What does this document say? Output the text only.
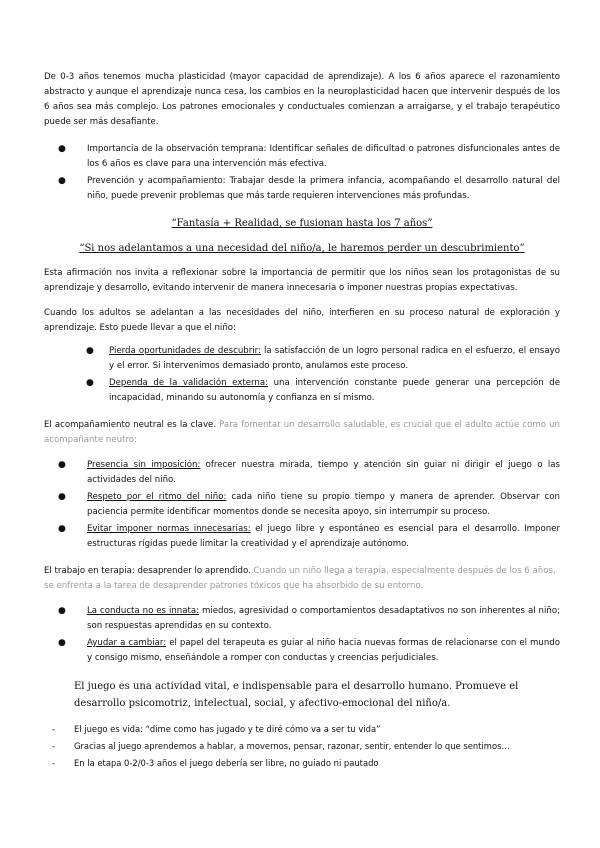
De 0-3 años tenemos mucha plasticidad (mayor capacidad de aprendizaje). A los 6 años aparece el razonamiento abstracto y aunque el aprendizaje nunca cesa, los cambios en la neuroplasticidad hacen que intervenir después de los 6 años sea más complejo. Los patrones emocionales y conductuales comienzan a arraigarse, y el trabajo terapéutico puede ser más desafiante.

● Importancia de la observación temprana: Identificar señales de dificultad o patrones disfuncionales antes de los 6 años es clave para una intervención más efectiva.
● Prevención y acompañamiento: Trabajar desde la primera infancia, acompañando el desarrollo natural del niño, puede prevenir problemas que más tarde requieren intervenciones más profundas.

“Fantasía + Realidad, se fusionan hasta los 7 años”

“Si nos adelantamos a una necesidad del niño/a, le haremos perder un descubrimiento”

Esta afirmación nos invita a reflexionar sobre la importancia de permitir que los niños sean los protagonistas de su aprendizaje y desarrollo, evitando intervenir de manera innecesaria o imponer nuestras propias expectativas.

Cuando los adultos se adelantan a las necesidades del niño, interfieren en su proceso natural de exploración y aprendizaje. Esto puede llevar a que el niño:

● Pierda oportunidades de descubrir: la satisfacción de un logro personal radica en el esfuerzo, el ensayo y el error. Si intervenimos demasiado pronto, anulamos este proceso.
● Dependa de la validación externa: una intervención constante puede generar una percepción de incapacidad, minando su autonomía y confianza en sí mismo.

El acompañamiento neutral es la clave. Para fomentar un desarrollo saludable, es crucial que el adulto actúe como un acompañante neutro:

● Presencia sin imposición: ofrecer nuestra mirada, tiempo y atención sin guiar ni dirigir el juego o las actividades del niño.
● Respeto por el ritmo del niño: cada niño tiene su propio tiempo y manera de aprender. Observar con paciencia permite identificar momentos donde se necesita apoyo, sin interrumpir su proceso.
● Evitar imponer normas innecesarias: el juego libre y espontáneo es esencial para el desarrollo. Imponer estructuras rígidas puede limitar la creatividad y el aprendizaje autónomo.

El trabajo en terapia: desaprender lo aprendido. Cuando un niño llega a terapia, especialmente después de los 6 años, se enfrenta a la tarea de desaprender patrones tóxicos que ha absorbido de su entorno.

● La conducta no es innata: miedos, agresividad o comportamientos desadaptativos no son inherentes al niño; son respuestas aprendidas en su contexto.
● Ayudar a cambiar: el papel del terapeuta es guiar al niño hacia nuevas formas de relacionarse con el mundo y consigo mismo, enseñándole a romper con conductas y creencias perjudiciales.

El juego es una actividad vital, e indispensable para el desarrollo humano. Promueve el desarrollo psicomotriz, intelectual, social, y afectivo-emocional del niño/a.

- El juego es vida: “dime como has jugado y te diré cómo va a ser tu vida”
- Gracias al juego aprendemos a hablar, a movernos, pensar, razonar, sentir, entender lo que sentimos…
- En la etapa 0-2/0-3 años el juego debería ser libre, no guiado ni pautado
